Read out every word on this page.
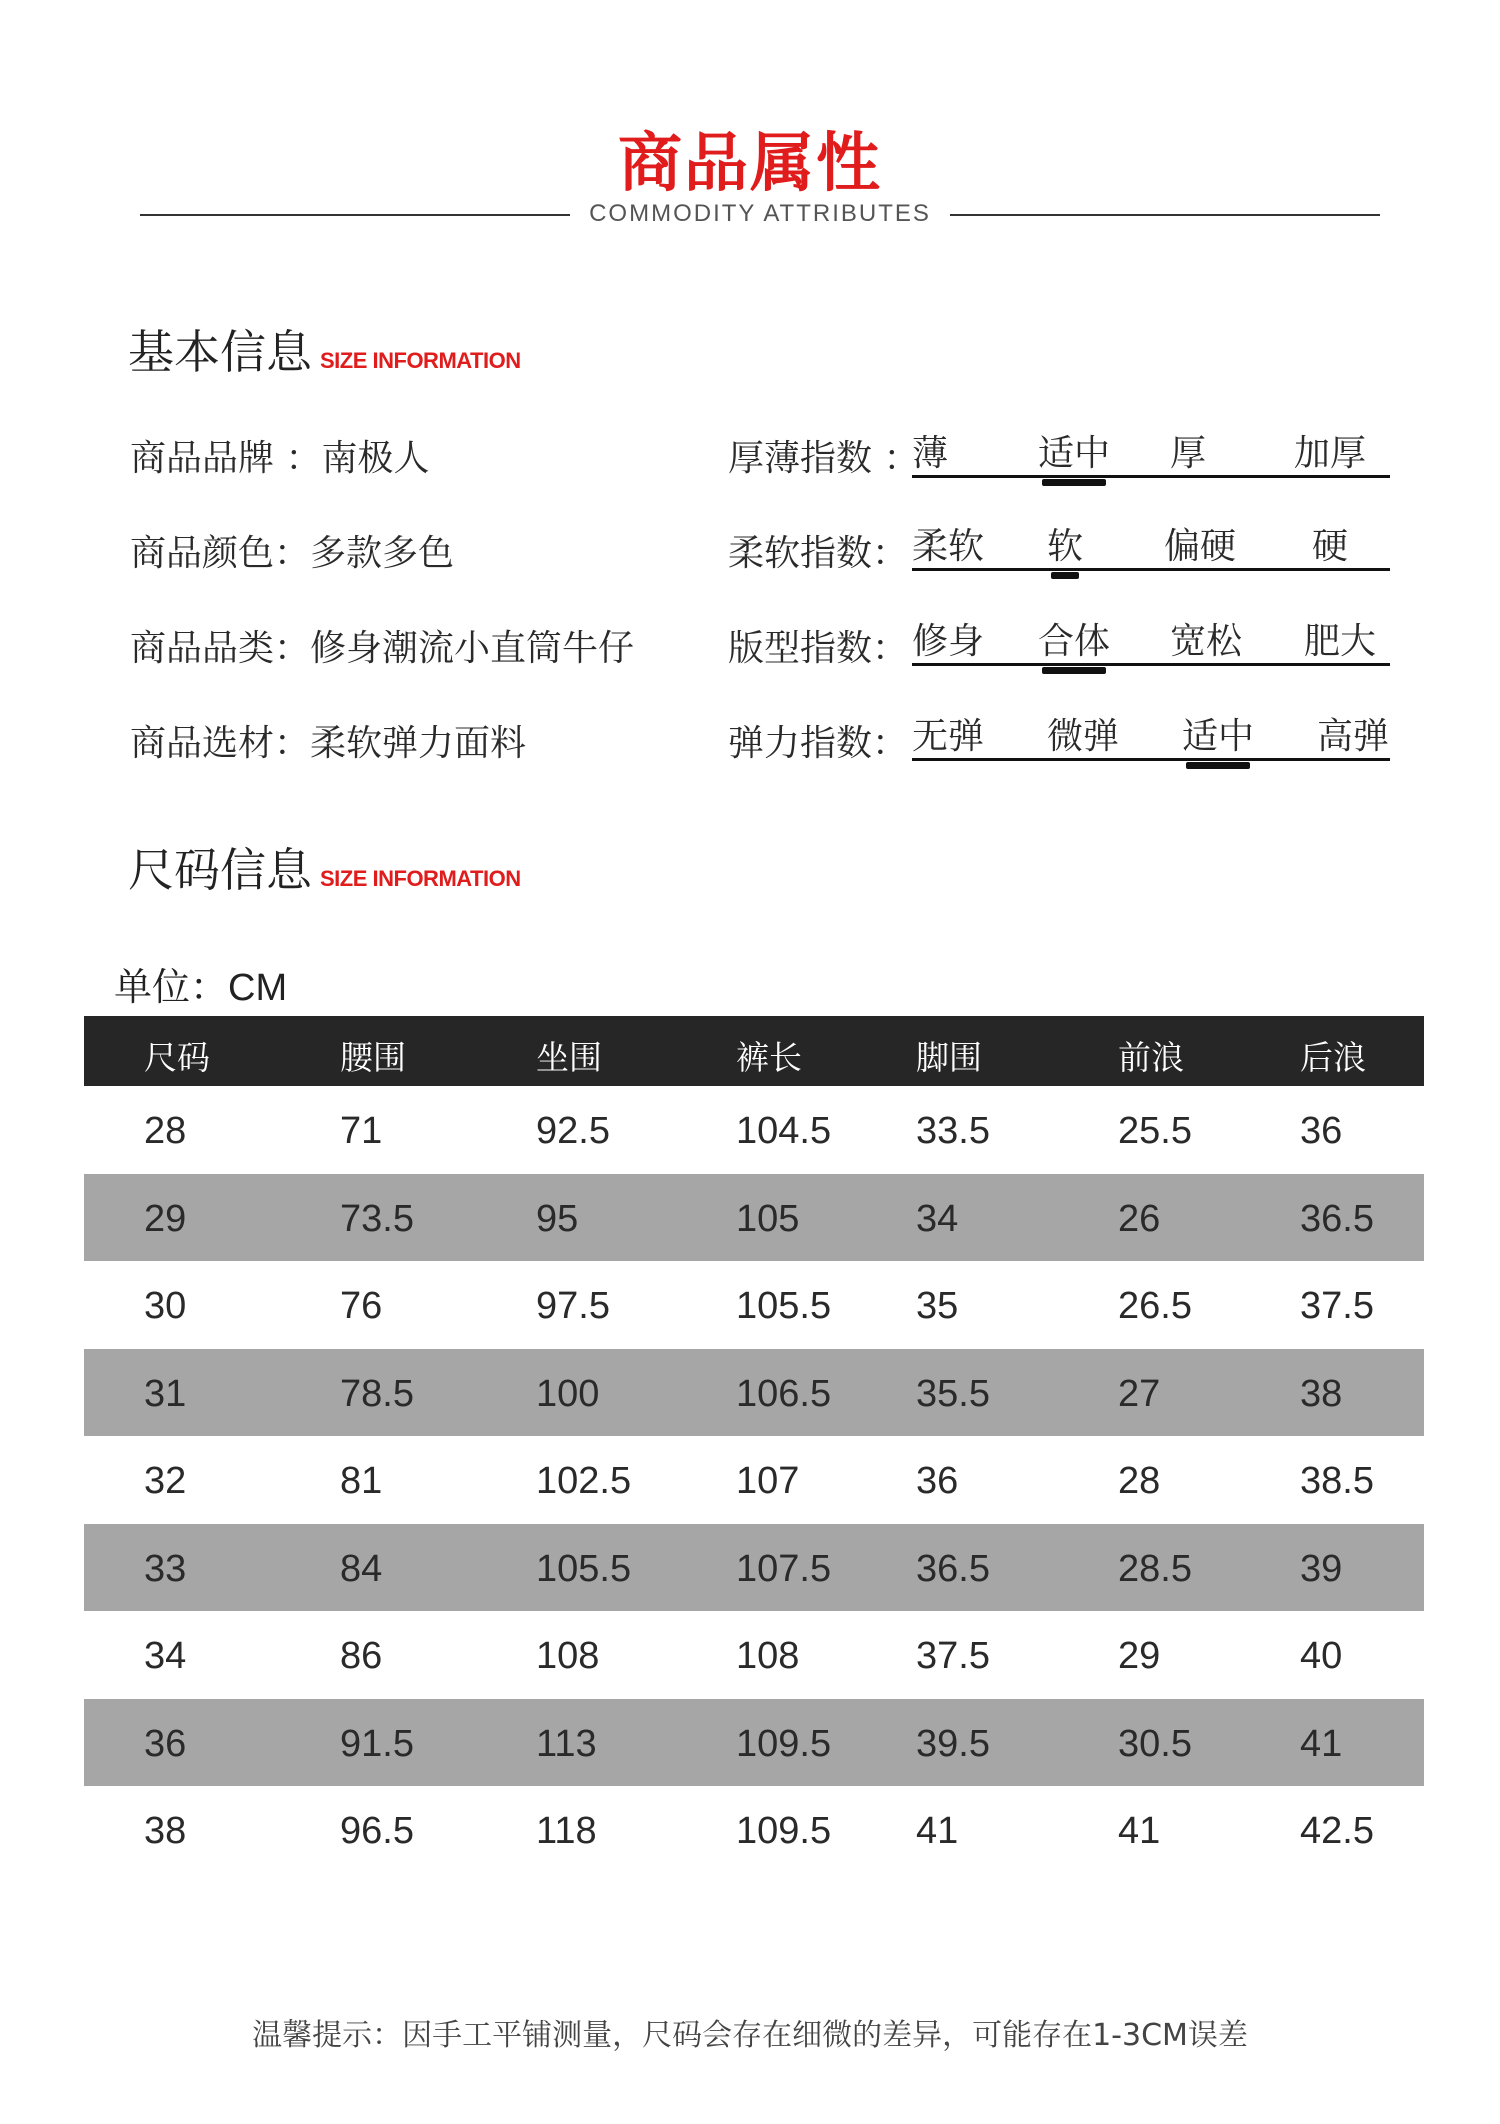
商品属性
COMMODITY ATTRIBUTES
基本信息 SIZE INFORMATION
商品品牌 ：南极人
商品颜色：多款多色
商品品类：修身潮流小直筒牛仔
商品选材：柔软弹力面料
厚薄指数 ：
薄 适中 厚 加厚
柔软指数： 柔软 软 偏硬 硬
版型指数： 修身 合体 宽松 肥大
弹力指数： 无弹 微弹 适中 高弹
尺码信息 SIZE INFORMATION
单位：CM
尺码	腰围	坐围	裤长	脚围	前浪	后浪
28	71	92.5	104.5 33.5	25.5	36
29	73.5	95	105	34	26	36.5
30	76	97.5	105.5 35	26.5	37.5
31	78.5	100	106.5 35.5	27	38
32	81	102.5	107	36	28	38.5
33	84	105.5	107.5 36.5	28.5	39
34	86	108	108	37.5	29	40
36	91.5	113	109.5 39.5	30.5	41
38	96.5	118	109.5 41	41	42.5
温馨提示：因手工平铺测量，尺码会存在细微的差异，可能存在1-3CM误差
